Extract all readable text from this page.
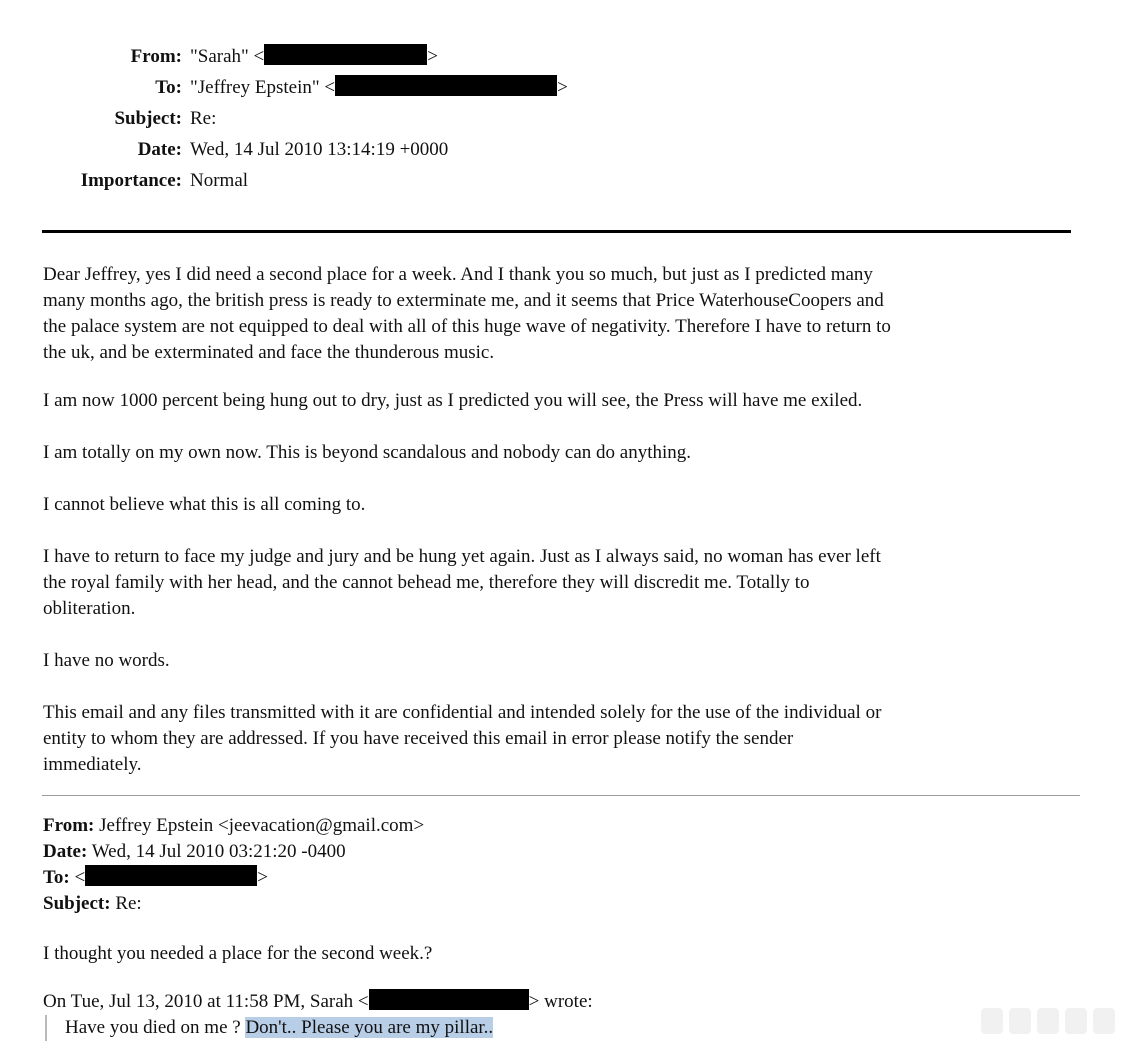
From: "Sarah" <	>
To: "Jeffrey Epstein" <	>
Subject: Re:
Date: Wed, 14 Jul 2010 13:14:19 +0000
Importance: Normal

Dear Jeffrey, yes I did need a second place for a week. And I thank you so much, but just as I predicted many
many months ago, the british press is ready to exterminate me, and it seems that Price WaterhouseCoopers and
the palace system are not equipped to deal with all of this huge wave of negativity. Therefore I have to return to
the uk, and be exterminated and face the thunderous music.

I am now 1000 percent being hung out to dry, just as I predicted you will see, the Press will have me exiled.

I am totally on my own now. This is beyond scandalous and nobody can do anything.

I cannot believe what this is all coming to.

I have to return to face my judge and jury and be hung yet again. Just as I always said, no woman has ever left
the royal family with her head, and the cannot behead me, therefore they will discredit me. Totally to
obliteration.

I have no words.

This email and any files transmitted with it are confidential and intended solely for the use of the individual or
entity to whom they are addressed. If you have received this email in error please notify the sender
immediately.

From: Jeffrey Epstein <jeevacation@gmail.com>
Date: Wed, 14 Jul 2010 03:21:20 -0400
To: <	>
Subject: Re:
I thought you needed a place for the second week.?
On Tue, Jul 13, 2010 at 11:58 PM, Sarah <	> wrote:
Have you died on me ? Don't.. Please you are my pillar..
